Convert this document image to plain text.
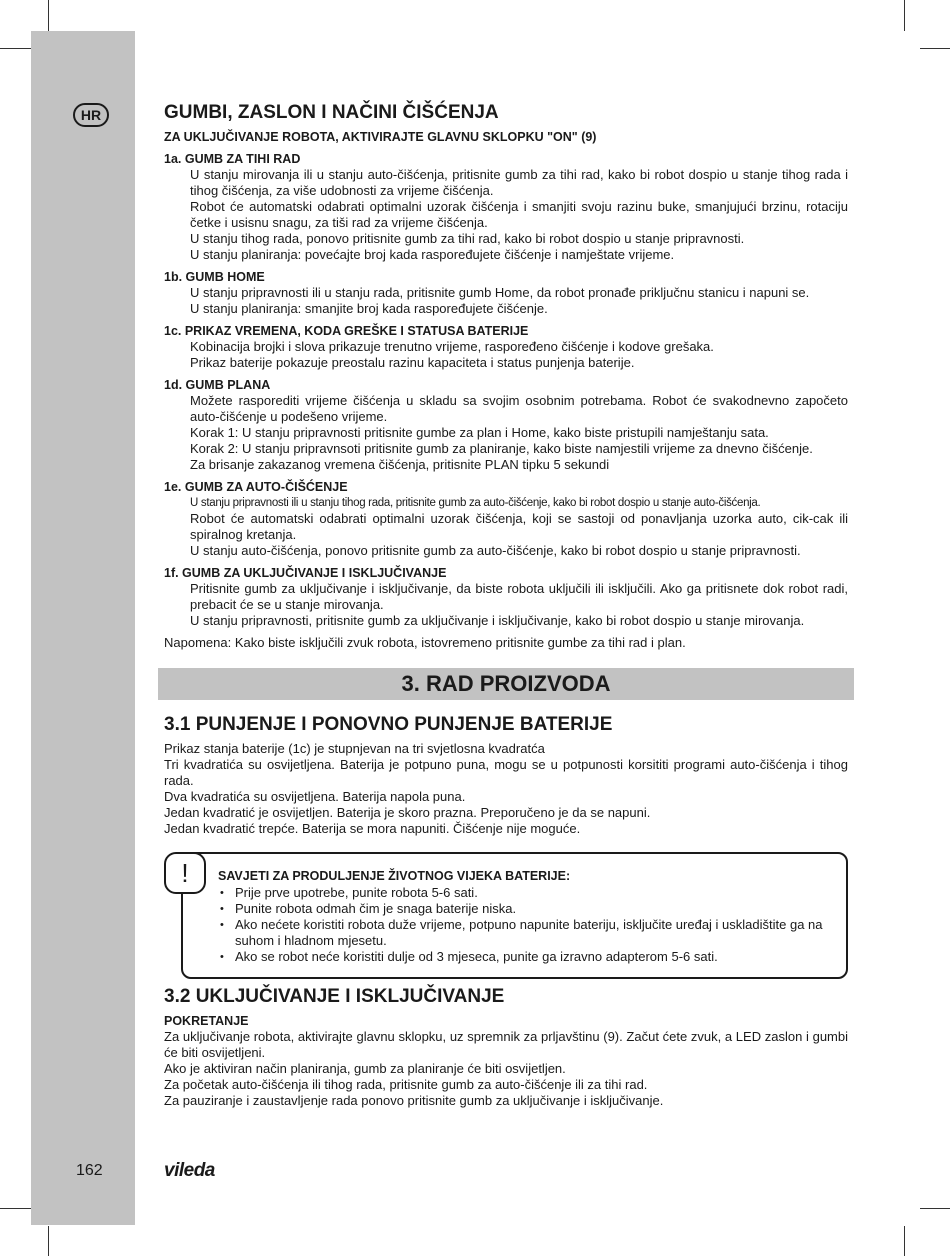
HR
162	vileda
GUMBI, ZASLON I NAČINI ČIŠĆENJA
ZA UKLJUČIVANJE ROBOTA, AKTIVIRAJTE GLAVNU SKLOPKU "ON" (9)
1a. GUMB ZA TIHI RAD

U stanju mirovanja ili u stanju auto-čišćenja, pritisnite gumb za tihi rad, kako bi robot dospio u stanje tihog rada i tihog čišćenja, za više udobnosti za vrijeme čišćenja.

Robot će automatski odabrati optimalni uzorak čišćenja i smanjiti svoju razinu buke, smanjujući brzinu, rotaciju četke i usisnu snagu, za tiši rad za vrijeme čišćenja.

U stanju tihog rada, ponovo pritisnite gumb za tihi rad, kako bi robot dospio u stanje pripravnosti.

U stanju planiranja: povećajte broj kada raspoređujete čišćenje i namještate vrijeme.

1b. GUMB HOME

U stanju pripravnosti ili u stanju rada, pritisnite gumb Home, da robot pronađe priključnu stanicu i napuni se.

U stanju planiranja: smanjite broj kada raspoređujete čišćenje.

1c. PRIKAZ VREMENA, KODA GREŠKE I STATUSA BATERIJE

Kobinacija brojki i slova prikazuje trenutno vrijeme, raspoređeno čišćenje i kodove grešaka.

Prikaz baterije pokazuje preostalu razinu kapaciteta i status punjenja baterije.

1d. GUMB PLANA

Možete rasporediti vrijeme čišćenja u skladu sa svojim osobnim potrebama. Robot će svakodnevno započeto auto-čišćenje u podešeno vrijeme.

Korak 1: U stanju pripravnosti pritisnite gumbe za plan i Home, kako biste pristupili namještanju sata.

Korak 2: U stanju pripravnsoti pritisnite gumb za planiranje, kako biste namjestili vrijeme za dnevno čišćenje.

Za brisanje zakazanog vremena čišćenja, pritisnite PLAN tipku 5 sekundi

1e. GUMB ZA AUTO-ČIŠĆENJE

U stanju pripravnosti ili u stanju tihog rada, pritisnite gumb za auto-čišćenje, kako bi robot dospio u stanje auto-čišćenja.

Robot će automatski odabrati optimalni uzorak čišćenja, koji se sastoji od ponavljanja uzorka auto, cik-cak ili spiralnog kretanja.

U stanju auto-čišćenja, ponovo pritisnite gumb za auto-čišćenje, kako bi robot dospio u stanje pripravnosti.

1f. GUMB ZA UKLJUČIVANJE I ISKLJUČIVANJE

Pritisnite gumb za uključivanje i isključivanje, da biste robota uključili ili isključili. Ako ga pritisnete dok robot radi, prebacit će se u stanje mirovanja.

U stanju pripravnosti, pritisnite gumb za uključivanje i isključivanje, kako bi robot dospio u stanje mirovanja.

Napomena: Kako biste isključili zvuk robota, istovremeno pritisnite gumbe za tihi rad i plan.

3. RAD PROIZVODA
3.1 PUNJENJE I PONOVNO PUNJENJE BATERIJE

Prikaz stanja baterije (1c) je stupnjevan na tri svjetlosna kvadratća

Tri kvadratića su osvijetljena. Baterija je potpuno puna, mogu se u potpunosti korsititi programi auto-čišćenja i tihog rada.

Dva kvadratića su osvijetljena. Baterija napola puna.

Jedan kvadratić je osvijetljen. Baterija je skoro prazna. Preporučeno je da se napuni.

Jedan kvadratić trepće. Baterija se mora napuniti. Čišćenje nije moguće.

!	SAVJETI ZA PRODULJENJE ŽIVOTNOG VIJEKA BATERIJE:
• Prije prve upotrebe, punite robota 5-6 sati.
• Punite robota odmah čim je snaga baterije niska.
• Ako nećete koristiti robota duže vrijeme, potpuno napunite bateriju, isključite uređaj i uskladištite ga na suhom i hladnom mjesetu.
• Ako se robot neće koristiti dulje od 3 mjeseca, punite ga izravno adapterom 5-6 sati.
3.2 UKLJUČIVANJE I ISKLJUČIVANJE
POKRETANJE

Za uključivanje robota, aktivirajte glavnu sklopku, uz spremnik za prljavštinu (9). Začut ćete zvuk, a LED zaslon i gumbi će biti osvijetljeni.

Ako je aktiviran način planiranja, gumb za planiranje će biti osvijetljen.

Za početak auto-čišćenja ili tihog rada, pritisnite gumb za auto-čišćenje ili za tihi rad.

Za pauziranje i zaustavljenje rada ponovo pritisnite gumb za uključivanje i isključivanje.
